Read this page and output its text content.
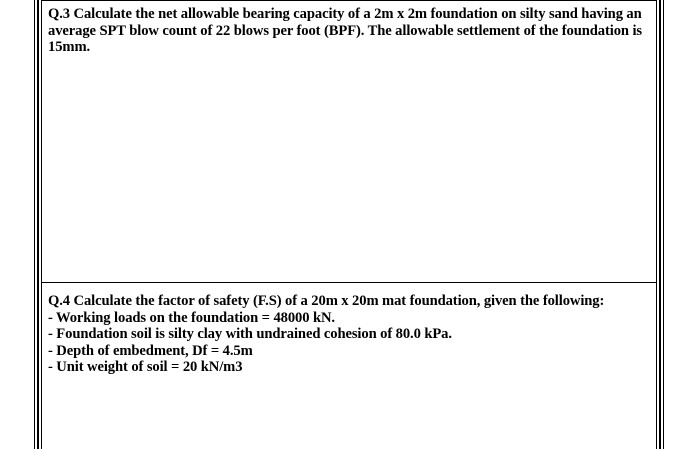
Q.3 Calculate the net allowable bearing capacity of a 2m x 2m foundation on silty sand having an average SPT blow count of 22 blows per foot (BPF). The allowable settlement of the foundation is 15mm.
Q.4 Calculate the factor of safety (F.S) of a 20m x 20m mat foundation, given the following:
- Working loads on the foundation = 48000 kN.
- Foundation soil is silty clay with undrained cohesion of 80.0 kPa.
- Depth of embedment, Df = 4.5m
- Unit weight of soil = 20 kN/m3
